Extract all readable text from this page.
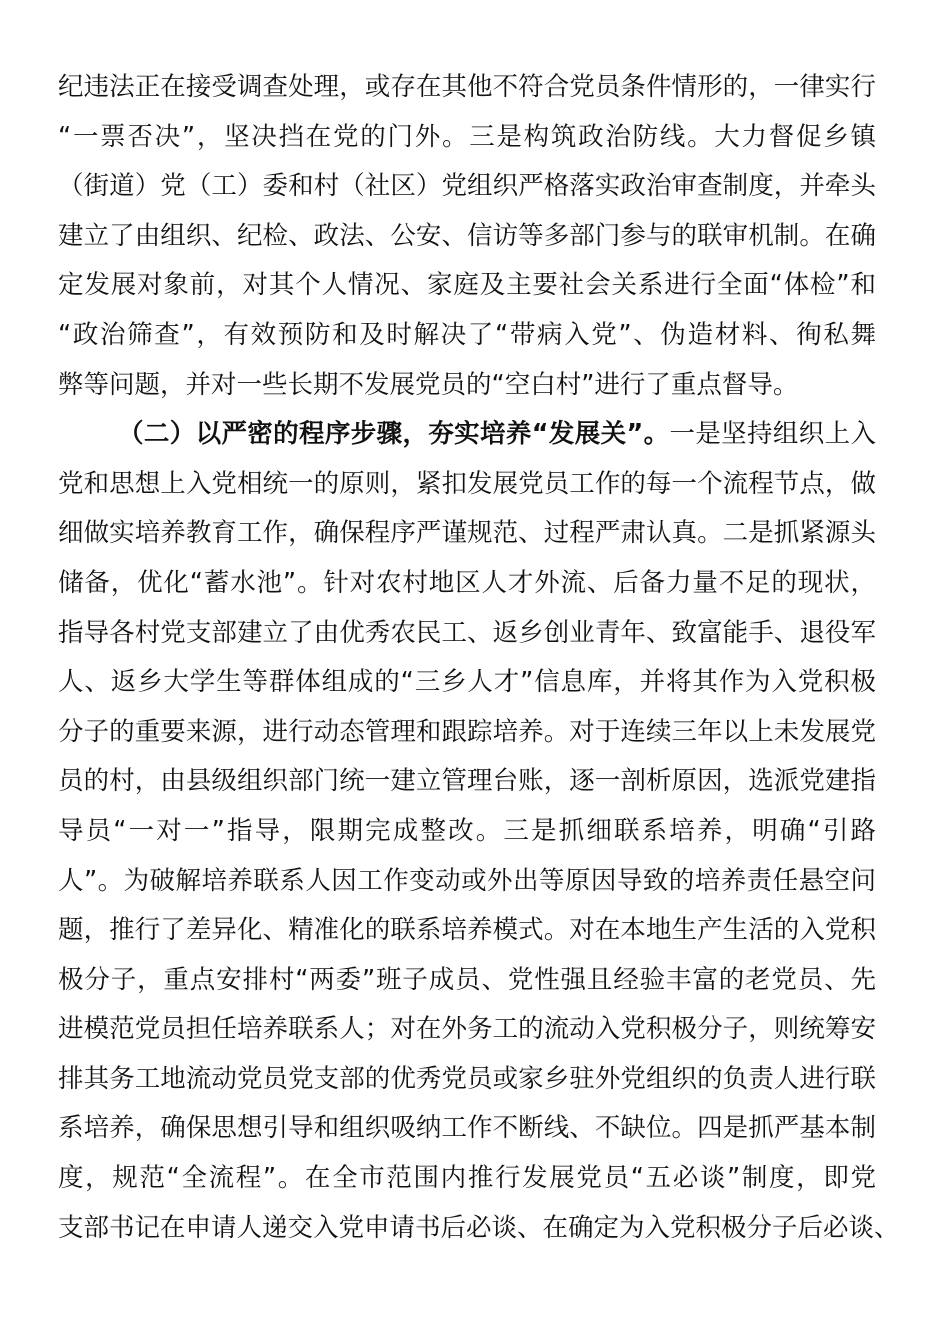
纪违法正在接受调查处理，或存在其他不符合党员条件情形的，一律实行
“一票否决”，坚决挡在党的门外。三是构筑政治防线。大力督促乡镇
（街道）党（工）委和村（社区）党组织严格落实政治审查制度，并牵头
建立了由组织、纪检、政法、公安、信访等多部门参与的联审机制。在确
定发展对象前，对其个人情况、家庭及主要社会关系进行全面“体检”和
“政治筛查”，有效预防和及时解决了“带病入党”、伪造材料、徇私舞
弊等问题，并对一些长期不发展党员的“空白村”进行了重点督导。
（二）以严密的程序步骤，夯实培养“发展关”。一是坚持组织上入
党和思想上入党相统一的原则，紧扣发展党员工作的每一个流程节点，做
细做实培养教育工作，确保程序严谨规范、过程严肃认真。二是抓紧源头
储备，优化“蓄水池”。针对农村地区人才外流、后备力量不足的现状，
指导各村党支部建立了由优秀农民工、返乡创业青年、致富能手、退役军
人、返乡大学生等群体组成的“三乡人才”信息库，并将其作为入党积极
分子的重要来源，进行动态管理和跟踪培养。对于连续三年以上未发展党
员的村，由县级组织部门统一建立管理台账，逐一剖析原因，选派党建指
导员“一对一”指导，限期完成整改。三是抓细联系培养，明确“引路
人”。为破解培养联系人因工作变动或外出等原因导致的培养责任悬空问
题，推行了差异化、精准化的联系培养模式。对在本地生产生活的入党积
极分子，重点安排村“两委”班子成员、党性强且经验丰富的老党员、先
进模范党员担任培养联系人；对在外务工的流动入党积极分子，则统筹安
排其务工地流动党员党支部的优秀党员或家乡驻外党组织的负责人进行联
系培养，确保思想引导和组织吸纳工作不断线、不缺位。四是抓严基本制
度，规范“全流程”。在全市范围内推行发展党员“五必谈”制度，即党
支部书记在申请人递交入党申请书后必谈、在确定为入党积极分子后必谈、
